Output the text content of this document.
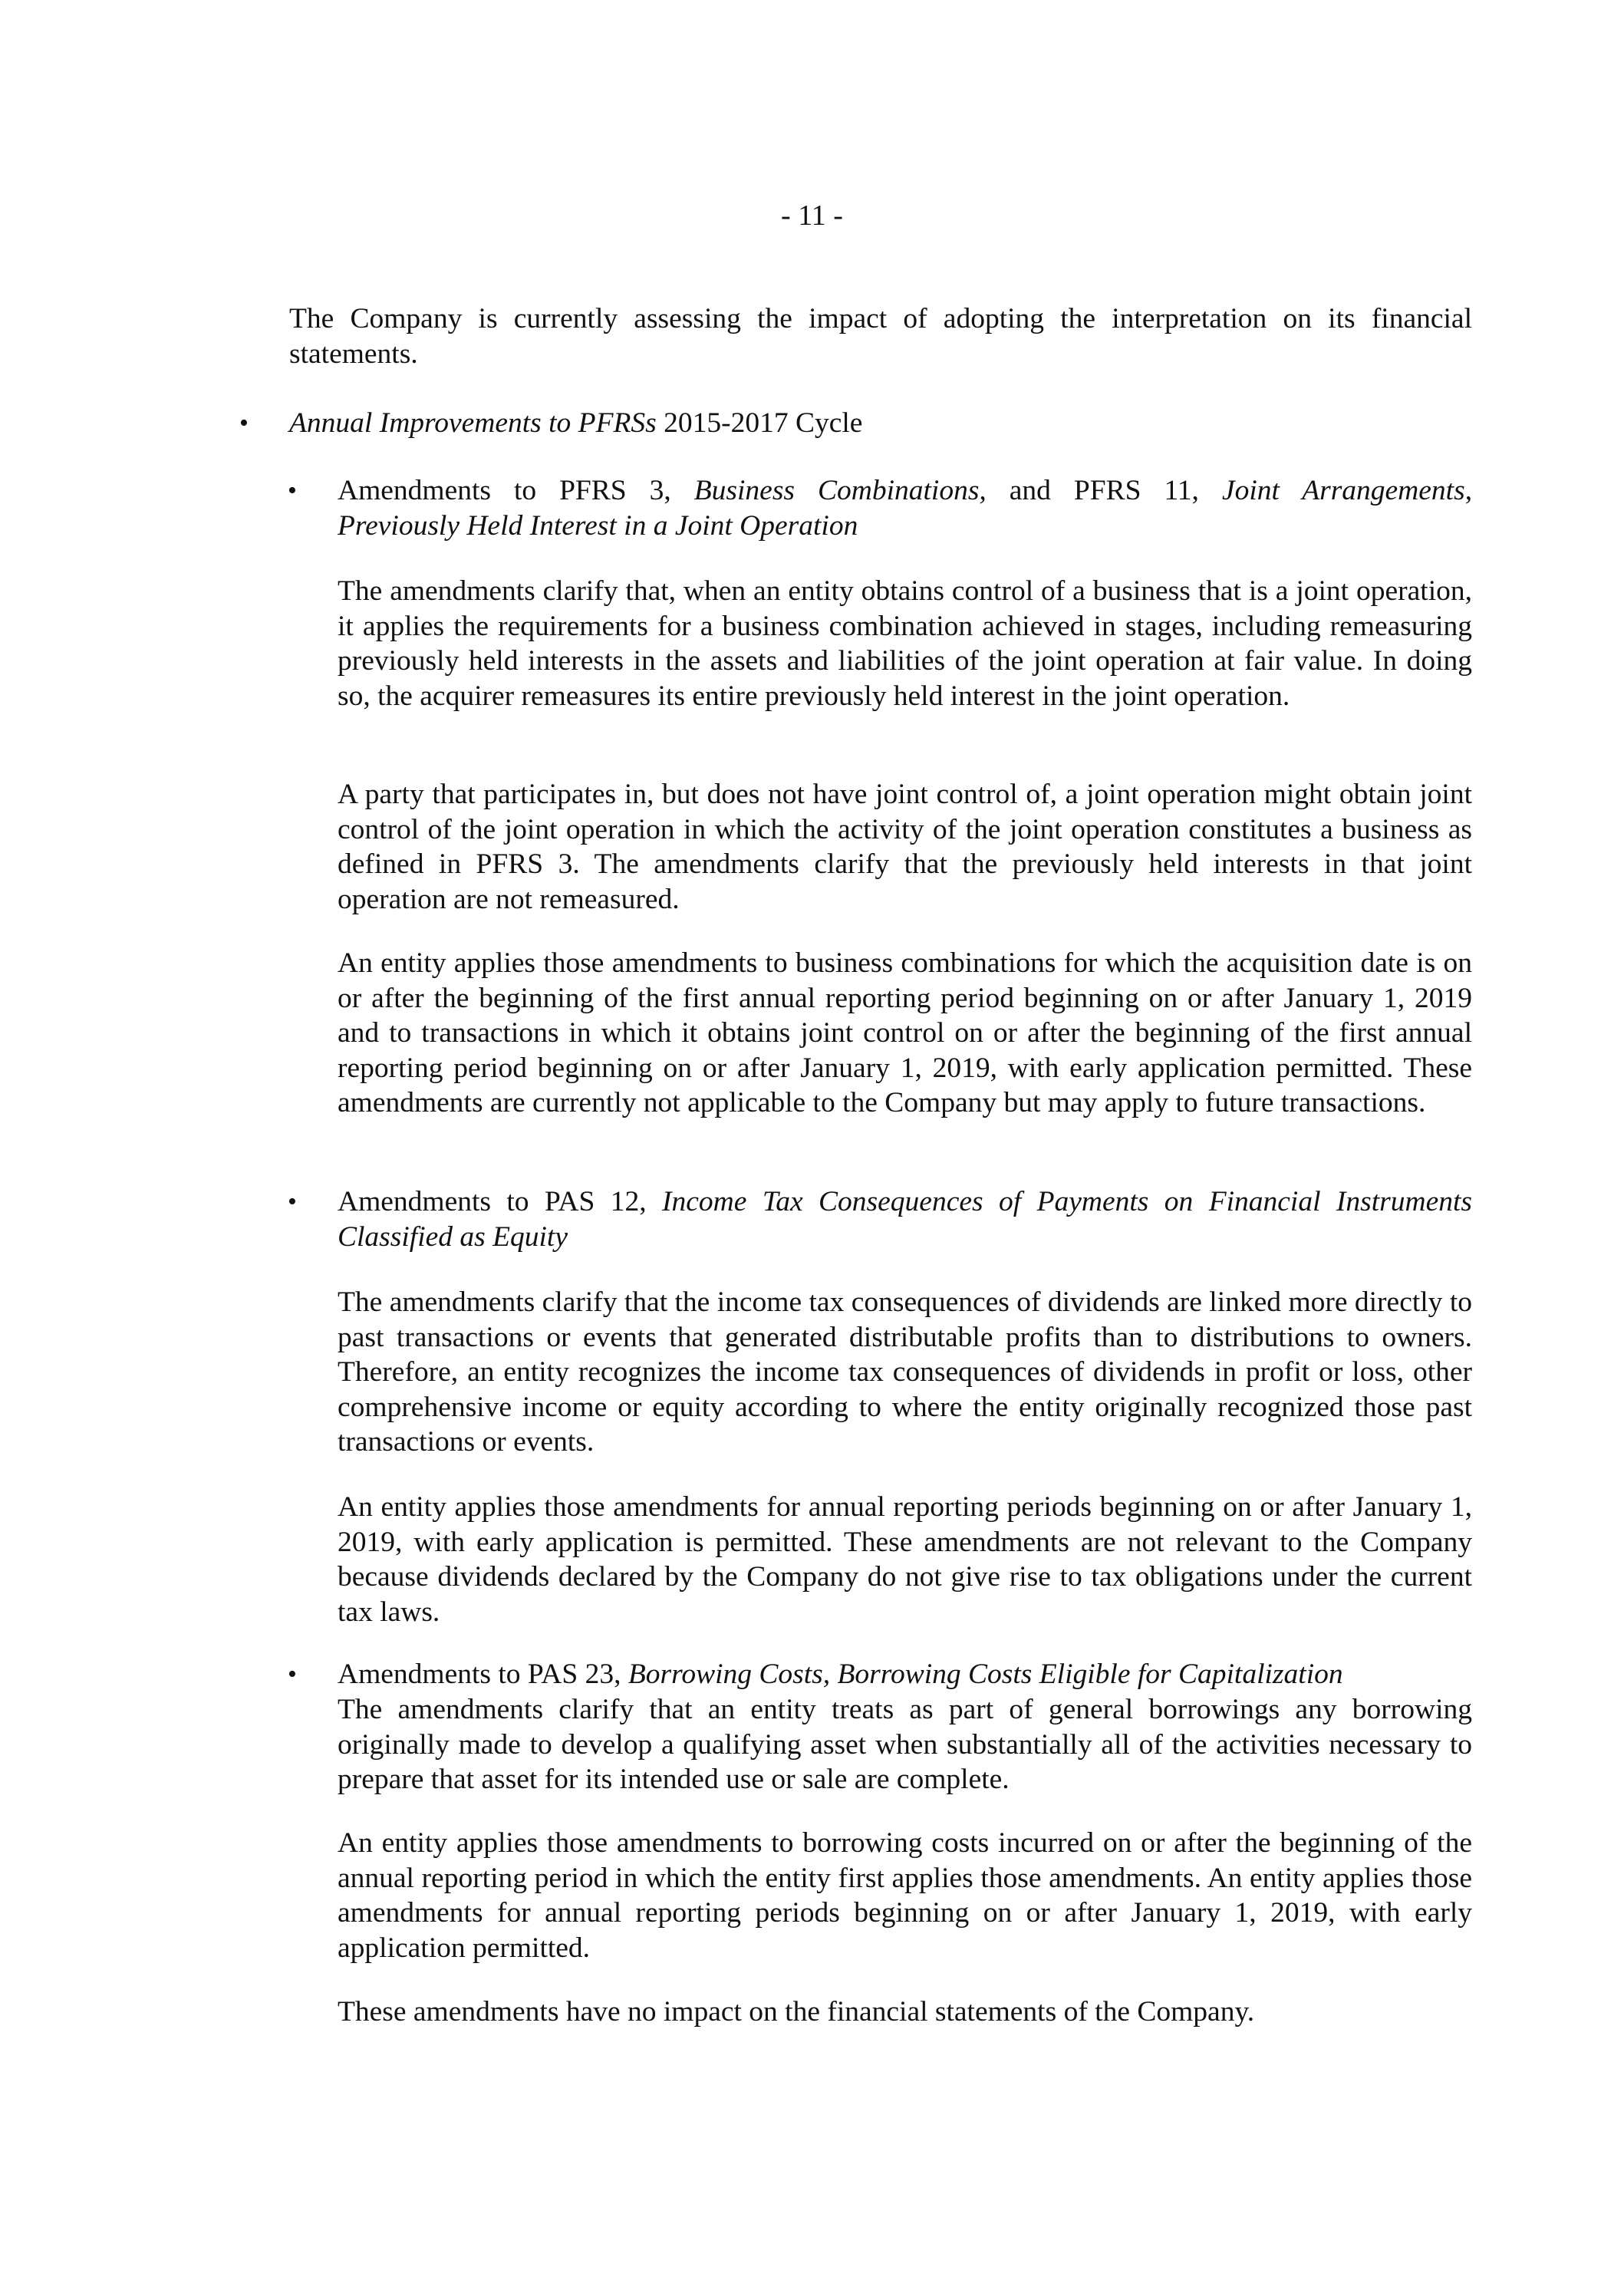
- 11 -

The Company is currently assessing the impact of adopting the interpretation on its financial

statements.

• Annual Improvements to PFRSs 2015-2017 Cycle

• Amendments to PFRS 3, Business Combinations, and PFRS 11, Joint Arrangements,

Previously Held Interest in a Joint Operation

The amendments clarify that, when an entity obtains control of a business that is a joint operation, it applies the requirements for a business combination achieved in stages, including remeasuring previously held interests in the assets and liabilities of the joint operation at fair value. In doing so, the acquirer remeasures its entire previously held interest in the joint operation.

A party that participates in, but does not have joint control of, a joint operation might obtain joint control of the joint operation in which the activity of the joint operation constitutes a business as defined in PFRS 3. The amendments clarify that the previously held interests in that joint operation are not remeasured.

An entity applies those amendments to business combinations for which the acquisition date is on or after the beginning of the first annual reporting period beginning on or after January 1, 2019 and to transactions in which it obtains joint control on or after the beginning of the first annual reporting period beginning on or after January 1, 2019, with early application permitted. These amendments are currently not applicable to the Company but may apply to future transactions.

• Amendments to PAS 12, Income Tax Consequences of Payments on Financial Instruments Classified as Equity

The amendments clarify that the income tax consequences of dividends are linked more directly to past transactions or events that generated distributable profits than to distributions to owners. Therefore, an entity recognizes the income tax consequences of dividends in profit or loss, other comprehensive income or equity according to where the entity originally recognized those past transactions or events.

An entity applies those amendments for annual reporting periods beginning on or after January 1, 2019, with early application is permitted. These amendments are not relevant to the Company because dividends declared by the Company do not give rise to tax obligations under the current tax laws.

• Amendments to PAS 23, Borrowing Costs, Borrowing Costs Eligible for Capitalization

The amendments clarify that an entity treats as part of general borrowings any borrowing originally made to develop a qualifying asset when substantially all of the activities necessary to prepare that asset for its intended use or sale are complete.

An entity applies those amendments to borrowing costs incurred on or after the beginning of the annual reporting period in which the entity first applies those amendments. An entity applies those amendments for annual reporting periods beginning on or after January 1, 2019, with early application permitted.

These amendments have no impact on the financial statements of the Company.
